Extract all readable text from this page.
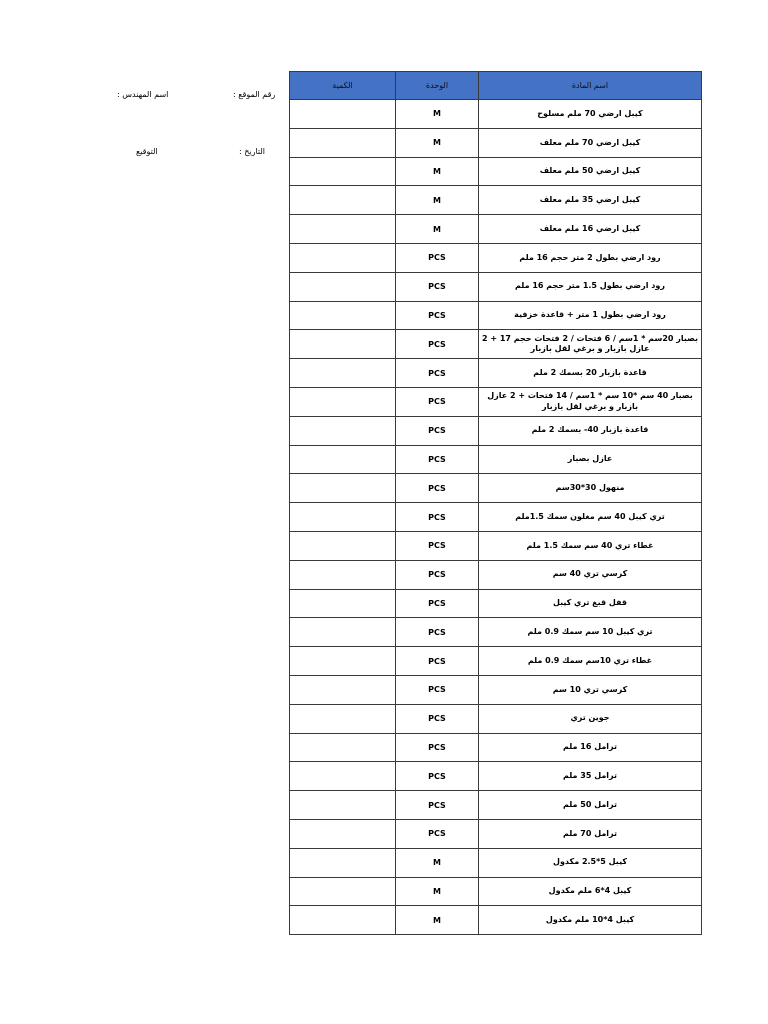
اسم المهندس :	رقم الموقع :
التوقيع	التاريخ :
الكمية	الوحدة	اسم المادة
	M	كيبل ارضي 70 ملم مسلوح
	M	كيبل ارضي 70 ملم معلف
	M	كيبل ارضي 50 ملم معلف
	M	كيبل ارضي 35 ملم معلف
	M	كيبل ارضي 16 ملم معلف
	PCS	رود ارضي بطول 2 متر حجم 16 ملم
	PCS	رود ارضي بطول 1.5 متر حجم 16 ملم
	PCS	رود ارضي بطول 1 متر + قاعدة خزفية
	PCS	بصبار 20سم * 1سم / 6 فتحات / 2 فتحات حجم 17 + 2 عازل بازبار و برغي لقل بازبار
	PCS	قاعدة بازبار 20 بسمك 2 ملم
	PCS	بصبار 40 سم *10 سم * 1سم / 14 فتحات + 2 عازل بازبار و برغي لقل بازبار
	PCS	قاعدة بازبار 40- بسمك 2 ملم
	PCS	عازل بصبار
	PCS	منهول 30*30سم
	PCS	تري كيبل 40 سم مغلون سمك 1.5ملم
	PCS	غطاء تري 40 سم سمك 1.5 ملم
	PCS	كرسي تري 40 سم
	PCS	قفل قبغ تري كيبل
	PCS	تري كيبل 10 سم سمك 0.9 ملم
	PCS	غطاء تري 10سم سمك 0.9 ملم
	PCS	كرسي تري 10 سم
	PCS	جوين تري
	PCS	ترامل 16 ملم
	PCS	ترامل 35 ملم
	PCS	ترامل 50 ملم
	PCS	ترامل 70 ملم
	M	كيبل 5*2.5 مكدول
	M	كيبل 4*6 ملم مكدول
	M	كيبل 4*10 ملم مكدول
